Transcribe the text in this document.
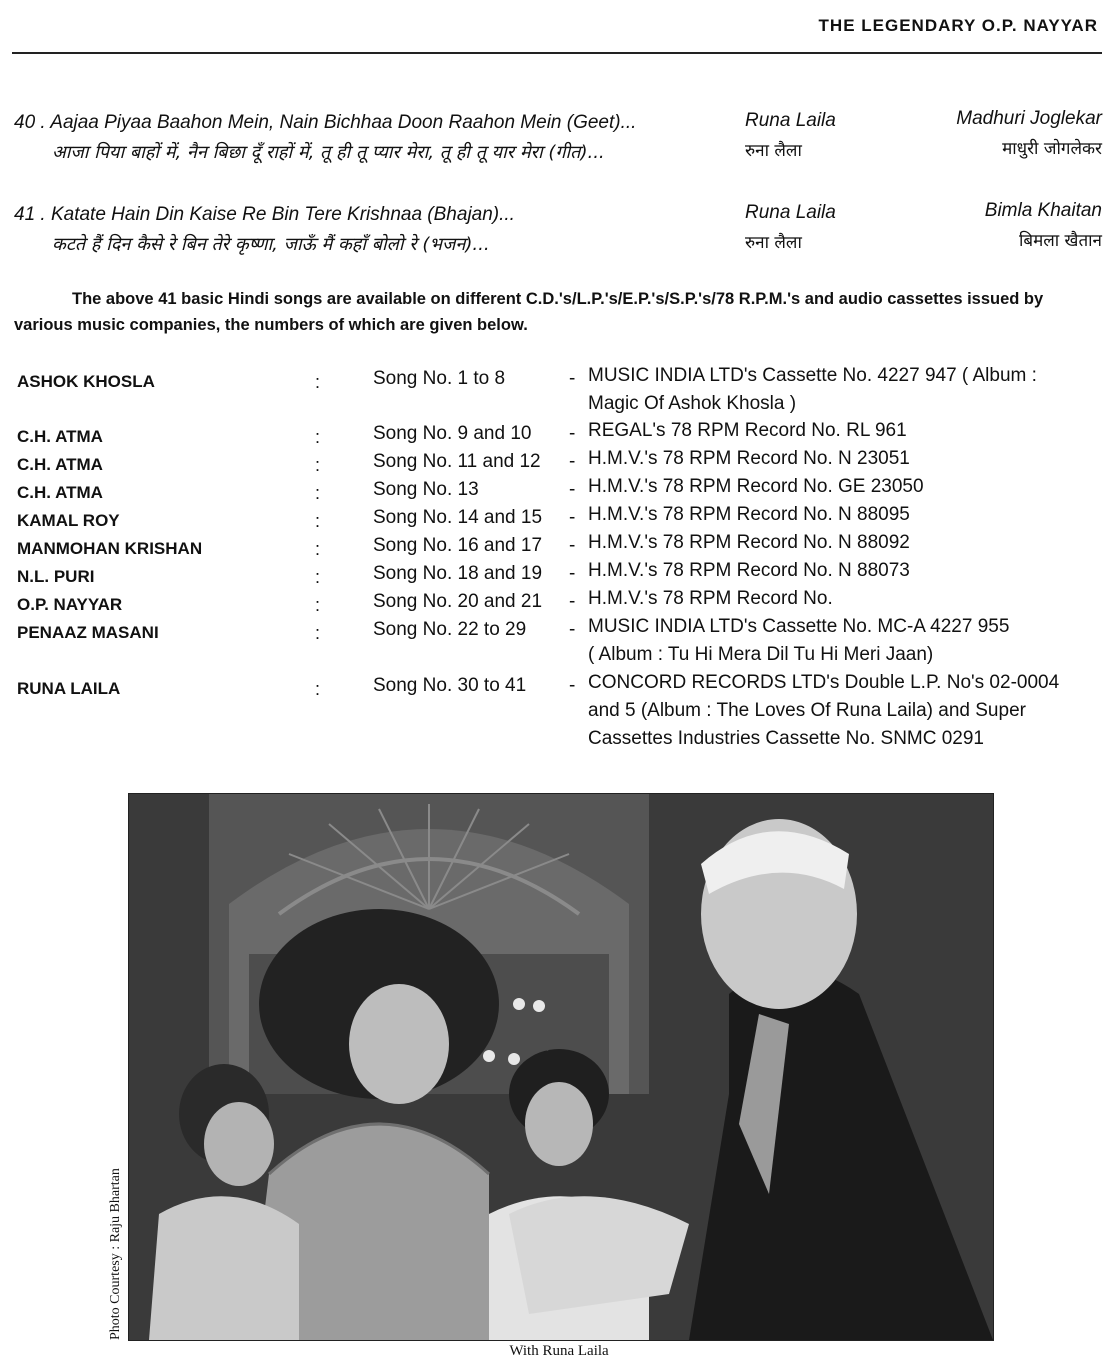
THE LEGENDARY O.P. NAYYAR
40 . Aajaa Piyaa Baahon Mein, Nain Bichhaa Doon Raahon Mein (Geet)...
आजा पिया बाहों में, नैन बिछा दूँ राहों में, तू ही तू प्यार मेरा, तू ही तू यार मेरा (गीत)...
Runa Laila
रुना लैला
Madhuri Joglekar
माधुरी जोगलेकर
41 . Katate Hain Din Kaise Re Bin Tere Krishnaa (Bhajan)...
कटते हैं दिन कैसे रे बिन तेरे कृष्णा, जाऊँ मैं कहाँ बोलो रे (भजन)...
Runa Laila
रुना लैला
Bimla Khaitan
बिमला खैतान
The above 41 basic Hindi songs are available on different C.D.'s/L.P.'s/E.P.'s/S.P.'s/78 R.P.M.'s and audio cassettes issued by various music companies, the numbers of which are given below.
ASHOK KHOSLA	:	Song No. 1 to 8	- MUSIC INDIA LTD's Cassette No. 4227 947 ( Album :
Magic Of Ashok Khosla )
C.H. ATMA	:	Song No. 9 and 10 - REGAL's 78 RPM Record No. RL 961
C.H. ATMA	:	Song No. 11 and 12 - H.M.V.'s 78 RPM Record No. N 23051
C.H. ATMA	:	Song No. 13	- H.M.V.'s 78 RPM Record No. GE 23050
KAMAL ROY	:	Song No. 14 and 15 - H.M.V.'s 78 RPM Record No. N 88095
MANMOHAN KRISHAN	:	Song No. 16 and 17 - H.M.V.'s 78 RPM Record No. N 88092
N.L. PURI	:	Song No. 18 and 19 - H.M.V.'s 78 RPM Record No. N 88073
O.P. NAYYAR	:	Song No. 20 and 21 - H.M.V.'s 78 RPM Record No.
PENAAZ MASANI	:	Song No. 22 to 29 - MUSIC INDIA LTD's Cassette No. MC-A 4227 955
( Album : Tu Hi Mera Dil Tu Hi Meri Jaan)
RUNA LAILA	:	Song No. 30 to 41 - CONCORD RECORDS LTD's Double L.P. No's 02-0004
and 5 (Album : The Loves Of Runa Laila) and Super
Cassettes Industries Cassette No. SNMC 0291
Photo Courtesy : Raju Bhartan
With Runa Laila
